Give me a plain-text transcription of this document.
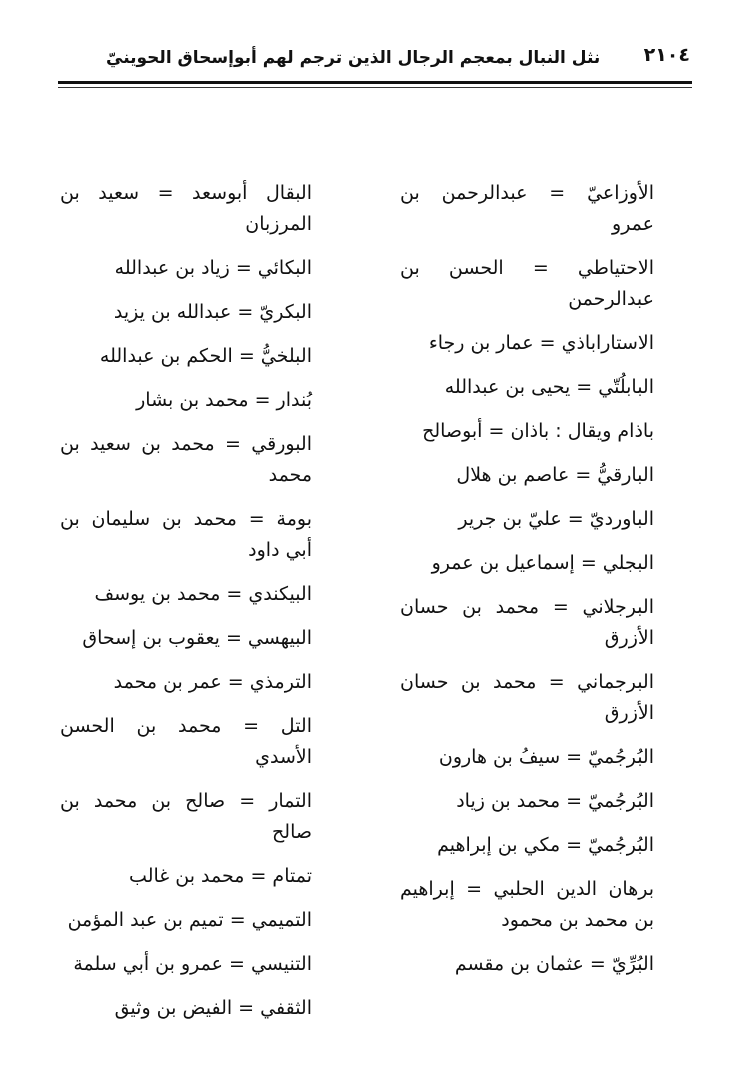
نثل النبال بمعجم الرجال الذين ترجم لهم أبوإسحاق الحوينيّ ٢١٠٤

الأوزاعيّ = عبدالرحمن بن عمرو

الاحتياطي = الحسن بن عبدالرحمن

الاستاراباذي = عمار بن رجاء

البابلُتّي = يحيى بن عبدالله

باذام ويقال : باذان = أبوصالح

البارقيُّ = عاصم بن هلال

الباورديّ = عليّ بن جرير

البجلي = إسماعيل بن عمرو

البرجلاني = محمد بن حسان الأزرق

البرجماني = محمد بن حسان الأزرق

البُرجُميّ = سيفُ بن هارون

البُرجُميّ = محمد بن زياد

البُرجُميّ = مكي بن إبراهيم

برهان الدين الحلبي = إبراهيم بن محمد بن محمود

البُرِّيّ = عثمان بن مقسم

البقال أبوسعد = سعيد بن المرزبان

البكائي = زياد بن عبدالله

البكريّ = عبدالله بن يزيد

البلخيُّ = الحكم بن عبدالله

بُندار = محمد بن بشار

البورقي = محمد بن سعيد بن محمد

بومة = محمد بن سليمان بن أبي داود

البيكندي = محمد بن يوسف

البيهسي = يعقوب بن إسحاق

الترمذي = عمر بن محمد

التل = محمد بن الحسن الأسدي

التمار = صالح بن محمد بن صالح

تمتام = محمد بن غالب

التميمي = تميم بن عبد المؤمن

التنيسي = عمرو بن أبي سلمة

الثقفي = الفيض بن وثيق
